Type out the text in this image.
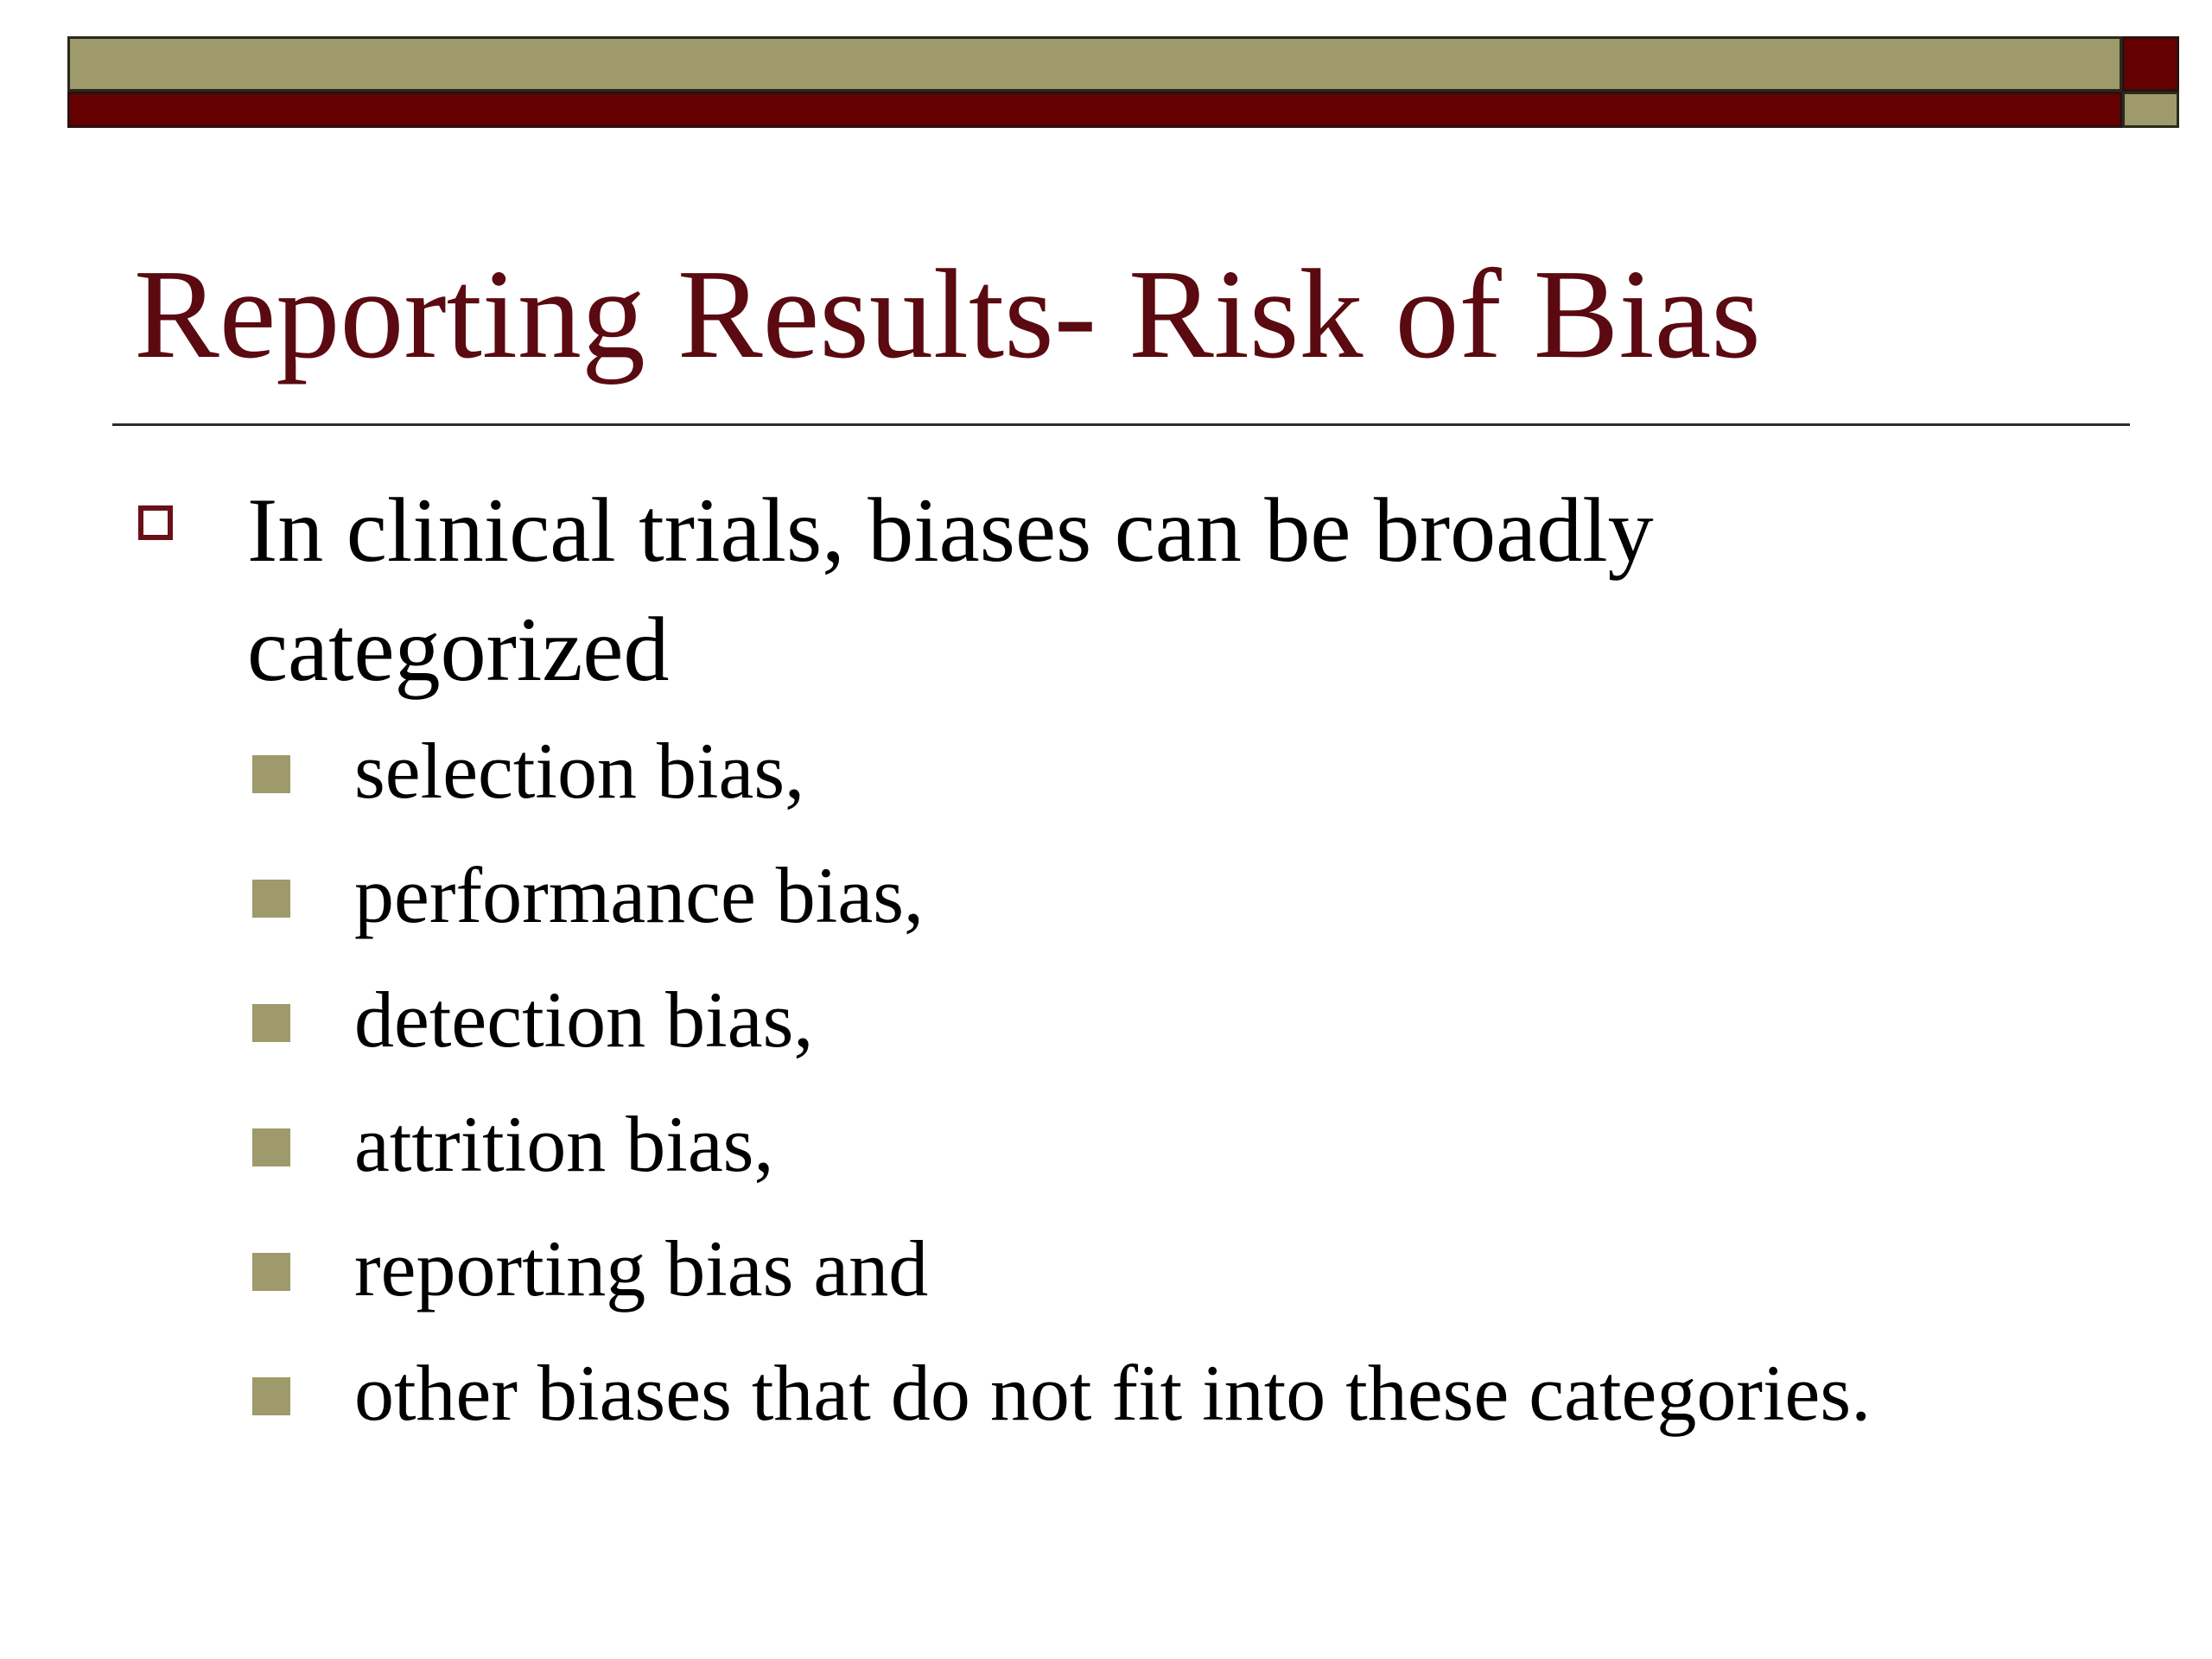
Reporting Results- Risk of Bias
In clinical trials, biases can be broadly categorized
selection bias,
performance bias,
detection bias,
attrition bias,
reporting bias and
other biases that do not fit into these categories.
